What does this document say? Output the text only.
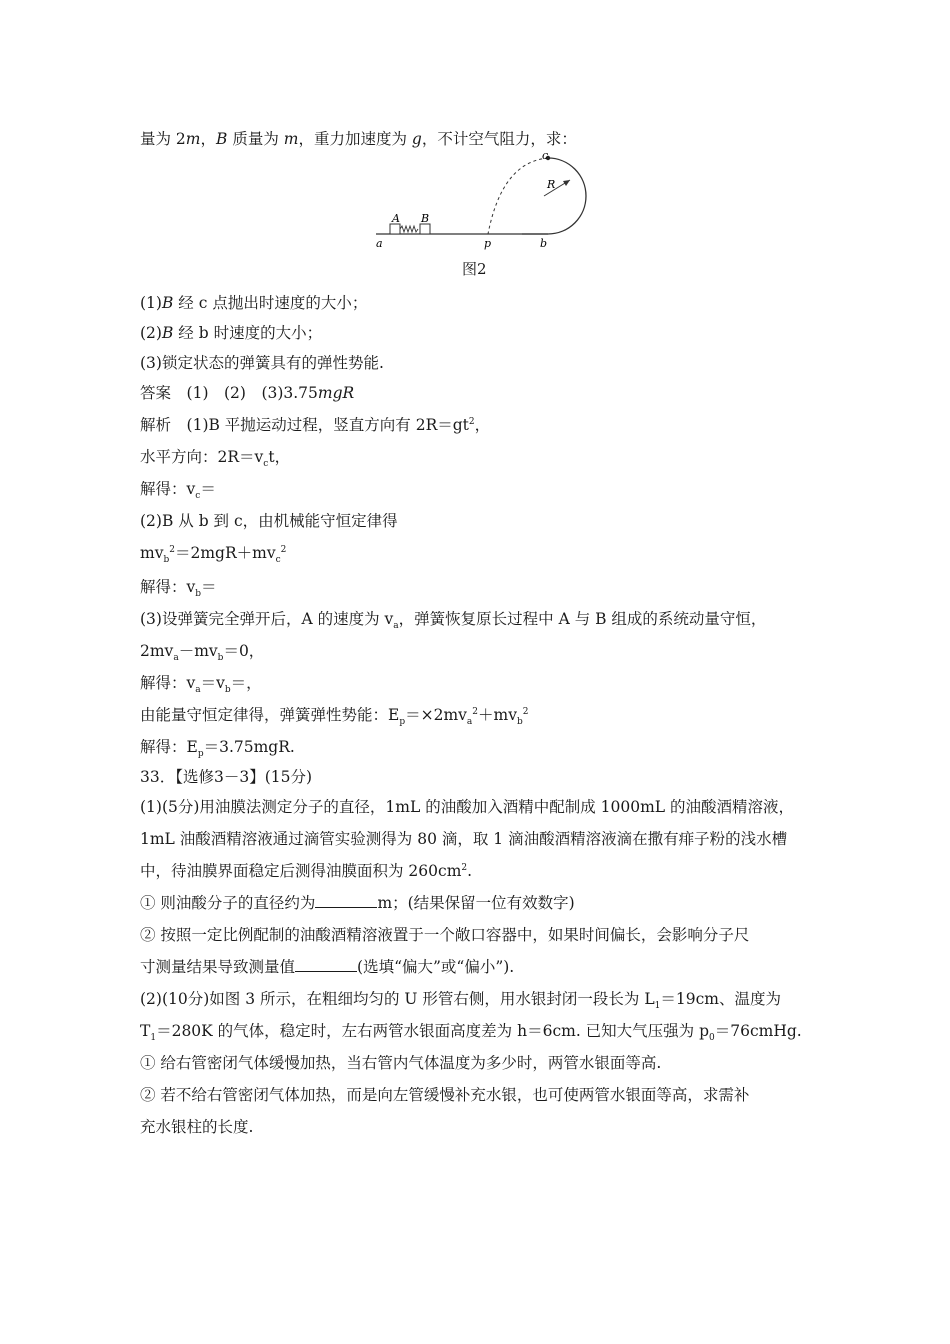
量为 2m，B 质量为 m，重力加速度为 g，不计空气阻力，求：
a
A B
p	b
c
R
图2
(1)B 经 c 点抛出时速度的大小；
(2)B 经 b 时速度的大小；
(3)锁定状态的弹簧具有的弹性势能.
答案　 (1)　(2)　(3)3.75mgR
解析　 (1)B 平抛运动过程，竖直方向有 $2R=gt^2$，
水平方向：$2R=v_ct$，
解得：$v_c=$
(2)B 从 b 到 c，由机械能守恒定律得
$mv_b^2=2mgR+mv_c^2$
解得：$v_b=$
(3)设弹簧完全弹开后，A 的速度为 $v_a$，弹簧恢复原长过程中 A 与 B 组成的系统动量守恒，
$2mv_a-mv_b=0$，
解得：$v_a=v_b=$，
由能量守恒定律得，弹簧弹性势能：$E_p=\times 2mv_a^2+mv_b^2$
解得：$E_p=3.75mgR$.
33．【选修3－3】(15分)
(1)(5分)用油膜法测定分子的直径，1mL 的油酸加入酒精中配制成 1000mL 的油酸酒精溶液，
1mL 油酸酒精溶液通过滴管实验测得为 80 滴，取 1 滴油酸酒精溶液滴在撒有痱子粉的浅水槽
中，待油膜界面稳定后测得油膜面积为 $260cm^2$.
① 则油酸分子的直径约为	m；(结果保留一位有效数字)
② 按照一定比例配制的油酸酒精溶液置于一个敞口容器中，如果时间偏长，会影响分子尺
寸测量结果导致测量值	(选填“偏大”或“偏小”).
(2)(10分)如图 3 所示，在粗细均匀的 U 形管右侧，用水银封闭一段长为 $L_1=19cm$、温度为
$T_1=280K$ 的气体，稳定时，左右两管水银面高度差为 h＝6cm. 已知大气压强为 $p_0=76cmHg$.
① 给右管密闭气体缓慢加热，当右管内气体温度为多少时，两管水银面等高.
② 若不给右管密闭气体加热，而是向左管缓慢补充水银，也可使两管水银面等高，求需补
充水银柱的长度.
